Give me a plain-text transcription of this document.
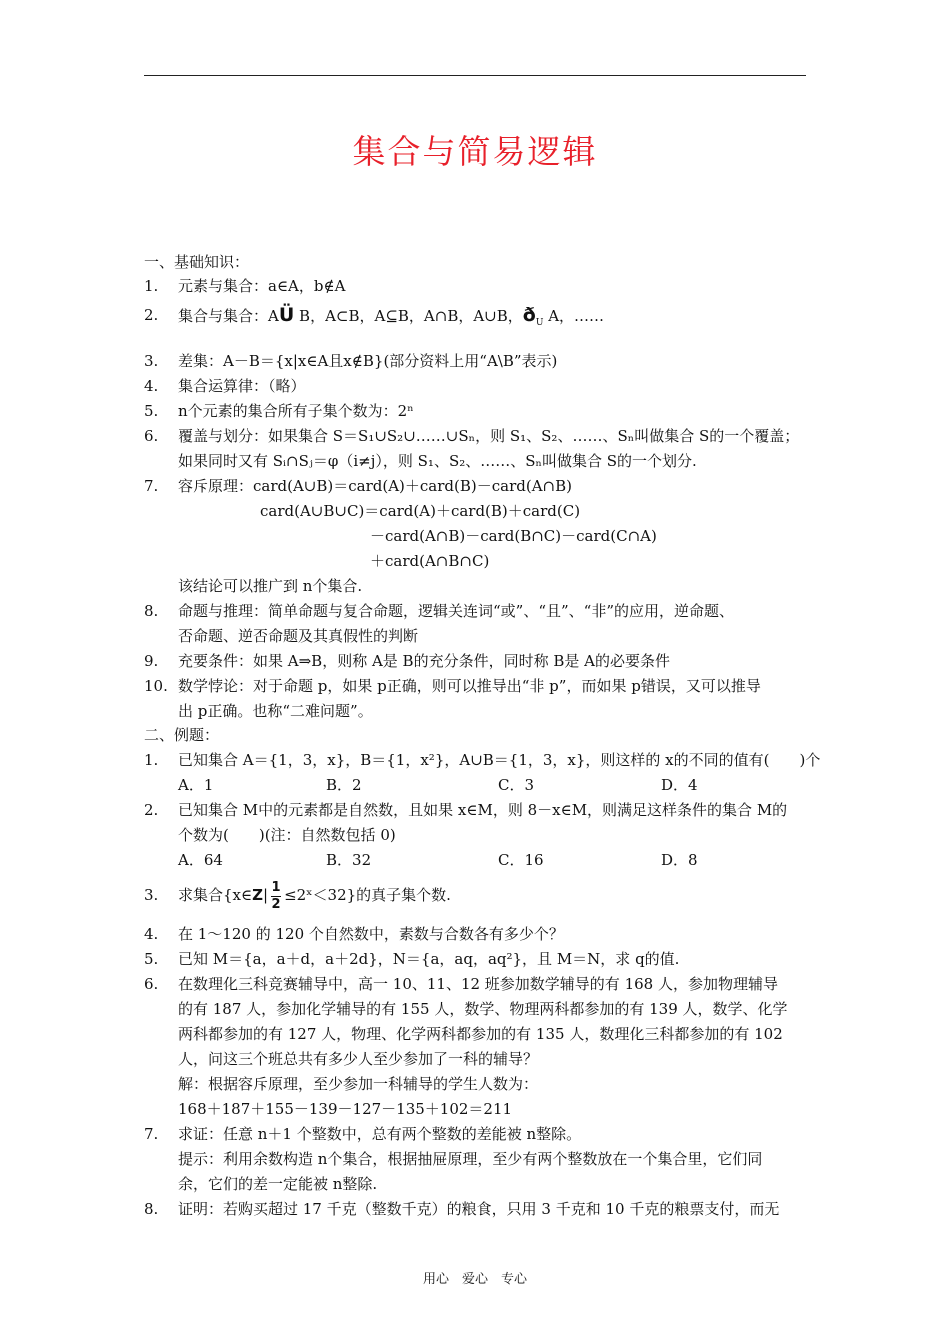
集合与简易逻辑
一、基础知识：
1. 元素与集合：a∈A，b∉A
2. 集合与集合：AÜ B，A⊂B，A⊆B，A∩B，A∪B，$ð_U$ A，……
3. 差集：A－B＝{x|x∈A且x∉B}(部分资料上用“A\B”表示)
4. 集合运算律：（略）
5. n个元素的集合所有子集个数为：2ⁿ
6. 覆盖与划分：如果集合 S＝S₁∪S₂∪……∪Sₙ，则 S₁、S₂、……、Sₙ叫做集合 S的一个覆盖；
如果同时又有 Sᵢ∩Sⱼ＝φ（i≠j），则 S₁、S₂、……、Sₙ叫做集合 S的一个划分.
7. 容斥原理：card(A∪B)＝card(A)＋card(B)－card(A∩B)
card(A∪B∪C)＝card(A)＋card(B)＋card(C)
－card(A∩B)－card(B∩C)－card(C∩A)
＋card(A∩B∩C)
该结论可以推广到 n个集合.
8. 命题与推理：简单命题与复合命题，逻辑关连词“或”、“且”、“非”的应用，逆命题、
否命题、逆否命题及其真假性的判断
9. 充要条件：如果 A⇒B，则称 A是 B的充分条件，同时称 B是 A的必要条件
10. 数学悖论：对于命题 p，如果 p正确，则可以推导出“非 p”，而如果 p错误，又可以推导
出 p正确。也称“二难问题”。
二、例题：
1. 已知集合 A＝{1，3，x}，B＝{1，x²}，A∪B＝{1，3，x}，则这样的 x的不同的值有(　　)个
A．1	B．2	C．3	D．4
2. 已知集合 M中的元素都是自然数，且如果 x∈M，则 8－x∈M，则满足这样条件的集合 M的
个数为(　　)(注：自然数包括 0)
A．64	B．32	C．16	D．8
3. 求集合{x∈Z| $\frac{1}{2}$ ≤2ˣ＜32}的真子集个数.
4. 在 1～120 的 120 个自然数中，素数与合数各有多少个？
5. 已知 M＝{a，a＋d，a＋2d}，N＝{a，aq，aq²}，且 M＝N，求 q的值.
6. 在数理化三科竞赛辅导中，高一 10、11、12 班参加数学辅导的有 168 人，参加物理辅导
的有 187 人，参加化学辅导的有 155 人，数学、物理两科都参加的有 139 人，数学、化学
两科都参加的有 127 人，物理、化学两科都参加的有 135 人，数理化三科都参加的有 102
人，问这三个班总共有多少人至少参加了一科的辅导？
解：根据容斥原理，至少参加一科辅导的学生人数为：
168＋187＋155－139－127－135＋102＝211
7. 求证：任意 n＋1 个整数中，总有两个整数的差能被 n整除。
提示：利用余数构造 n个集合，根据抽屉原理，至少有两个整数放在一个集合里，它们同
余，它们的差一定能被 n整除.
8. 证明：若购买超过 17 千克（整数千克）的粮食，只用 3 千克和 10 千克的粮票支付，而无
用心　爱心　专心
